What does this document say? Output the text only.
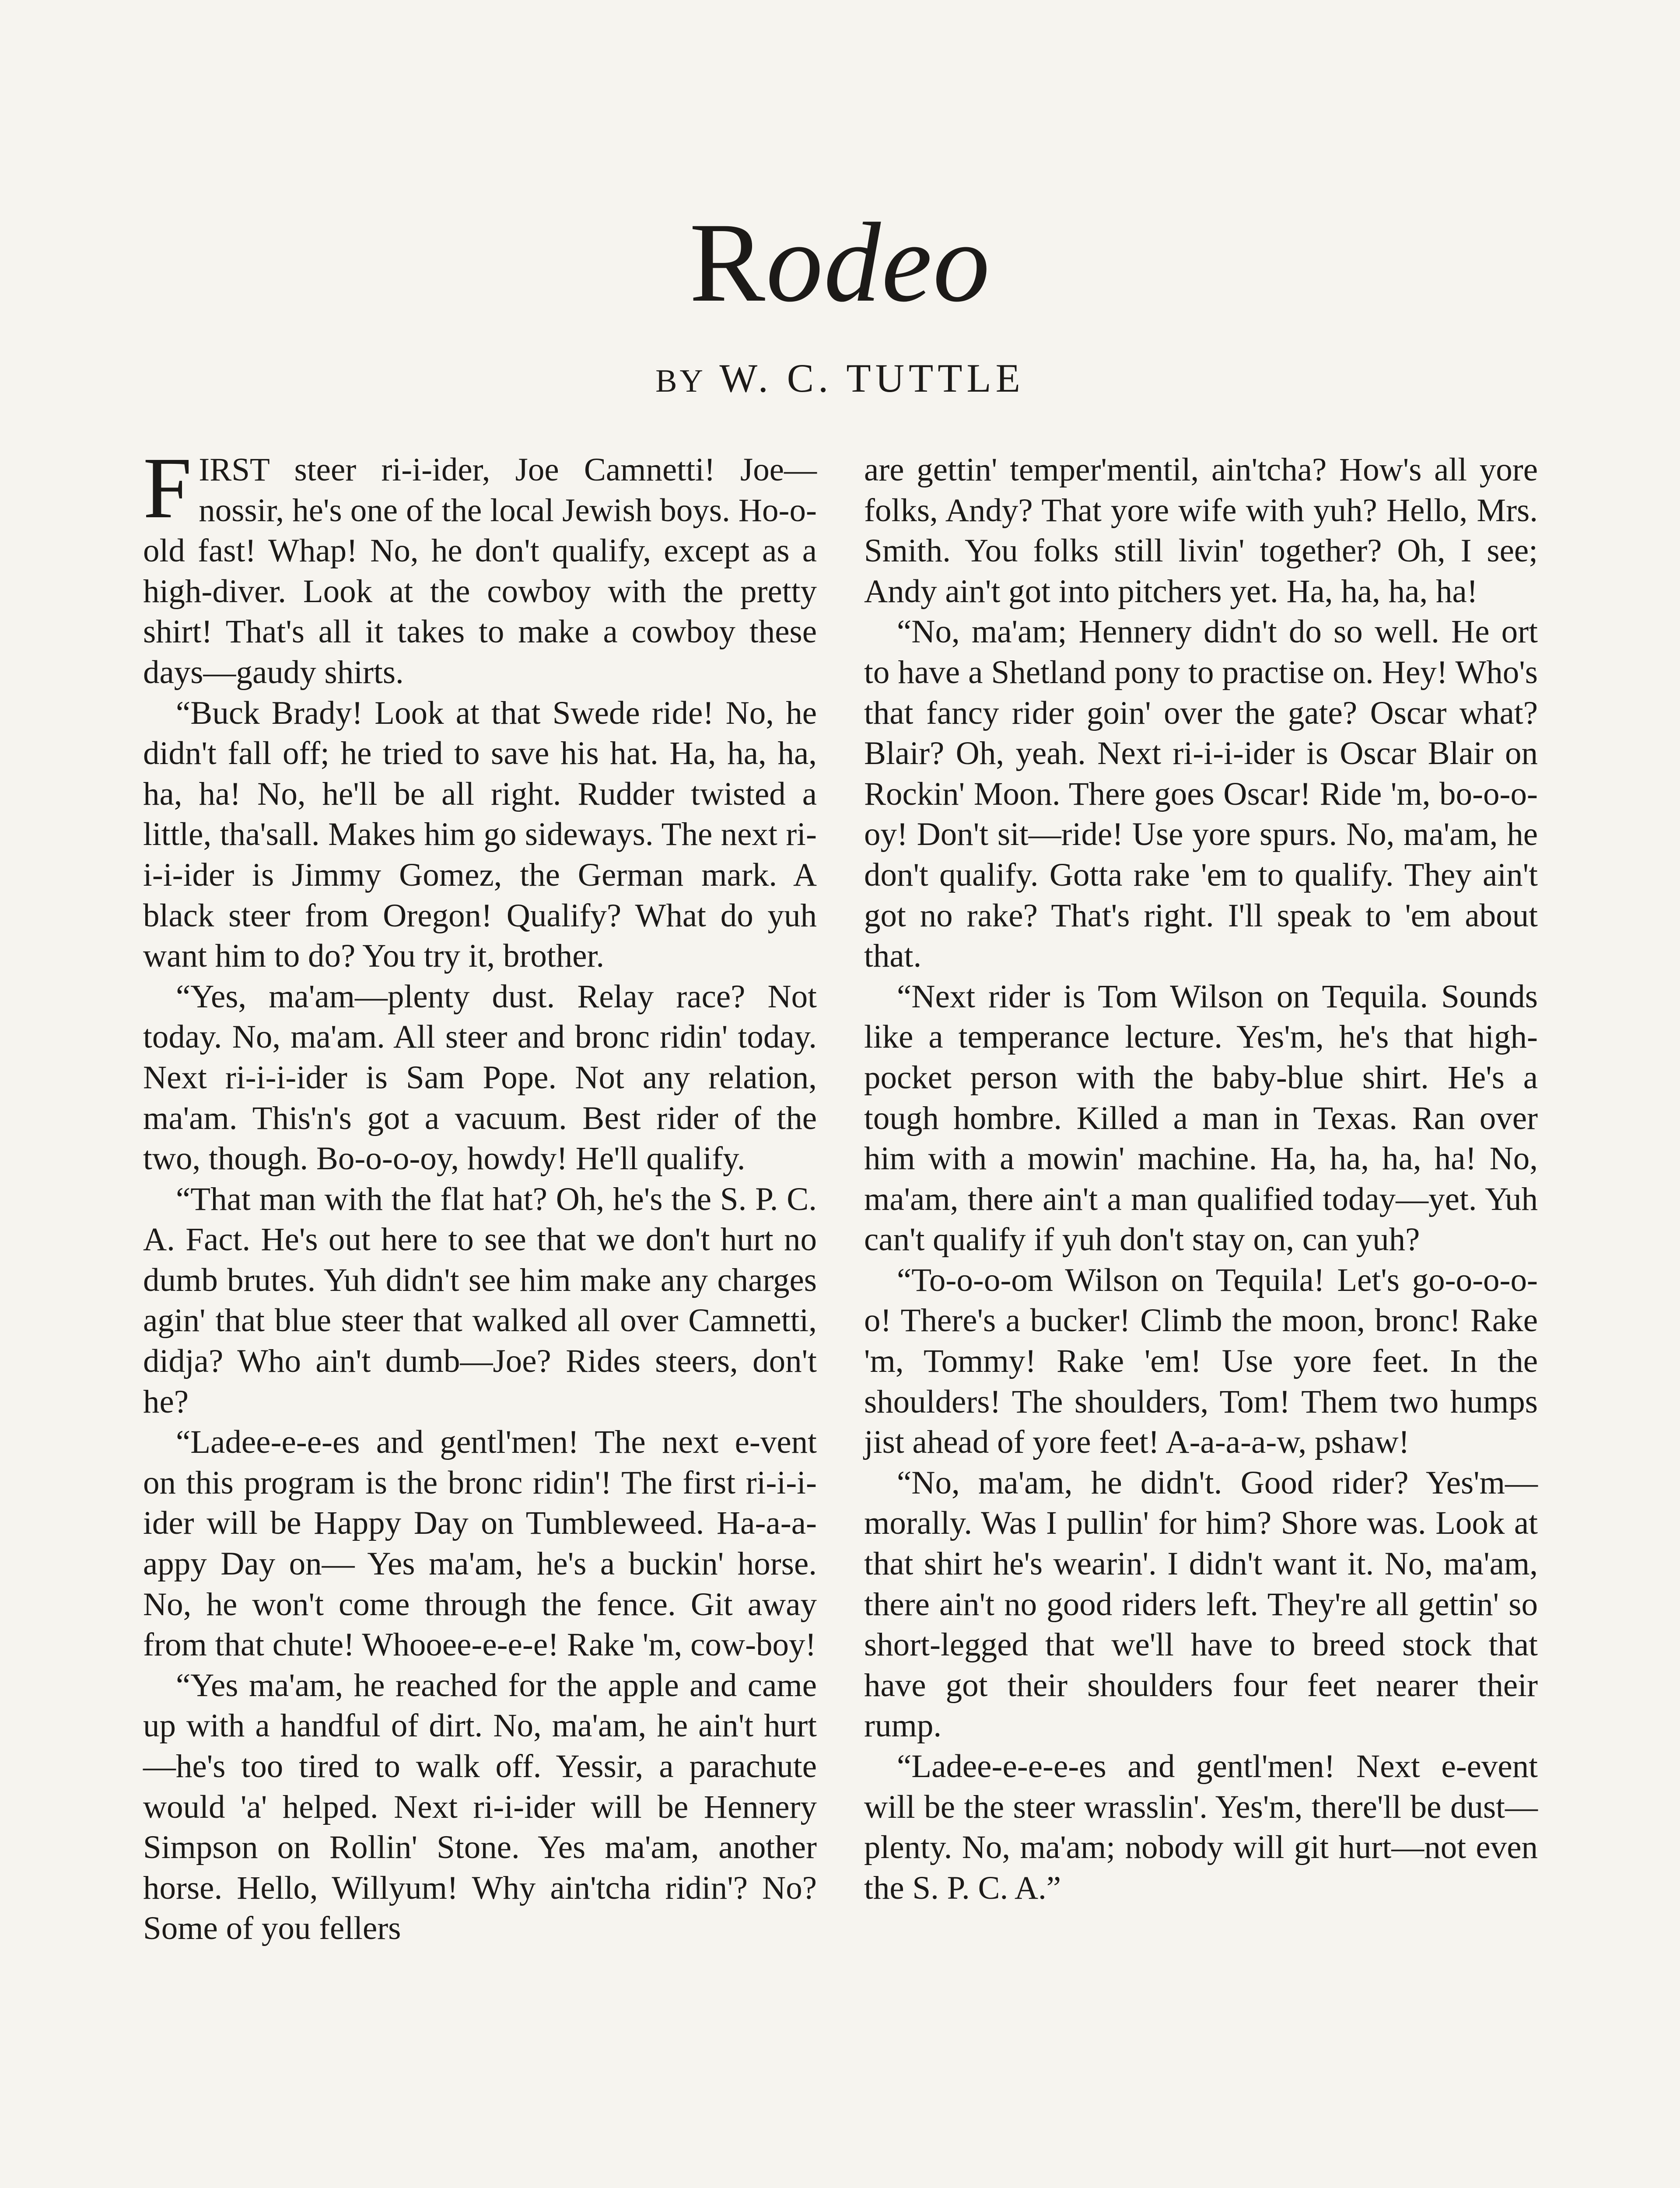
Rodeo
BY W. C. TUTTLE

FIRST steer ri-i-ider, Joe Camnetti! Joe—nossir, he's one of the local Jewish boys. Ho-o-old fast! Whap! No, he don't qualify, except as a high-diver. Look at the cowboy with the pretty shirt! That's all it takes to make a cowboy these days—gaudy shirts.

“Buck Brady! Look at that Swede ride! No, he didn't fall off; he tried to save his hat. Ha, ha, ha, ha, ha! No, he'll be all right. Rudder twisted a little, tha'sall. Makes him go sideways. The next ri-i-i-ider is Jimmy Gomez, the German mark. A black steer from Oregon! Qualify? What do yuh want him to do? You try it, brother.

“Yes, ma'am—plenty dust. Relay race? Not today. No, ma'am. All steer and bronc ridin' today. Next ri-i-i-ider is Sam Pope. Not any relation, ma'am. This'n's got a vacuum. Best rider of the two, though. Bo-o-o-oy, howdy! He'll qualify.

“That man with the flat hat? Oh, he's the S. P. C. A. Fact. He's out here to see that we don't hurt no dumb brutes. Yuh didn't see him make any charges agin' that blue steer that walked all over Camnetti, didja? Who ain't dumb—Joe? Rides steers, don't he?

“Ladee-e-e-es and gentl'men! The next e-vent on this program is the bronc ridin'! The first ri-i-i-ider will be Happy Day on Tumbleweed. Ha-a-a-appy Day on— Yes ma'am, he's a buckin' horse. No, he won't come through the fence. Git away from that chute! Whooee-e-e-e! Rake 'm, cow-boy!

“Yes ma'am, he reached for the apple and came up with a handful of dirt. No, ma'am, he ain't hurt—he's too tired to walk off. Yessir, a parachute would 'a' helped. Next ri-i-ider will be Hennery Simpson on Rollin' Stone. Yes ma'am, another horse. Hello, Willyum! Why ain'tcha ridin'? No? Some of you fellers

are gettin' temper'mentil, ain'tcha? How's all yore folks, Andy? That yore wife with yuh? Hello, Mrs. Smith. You folks still livin' together? Oh, I see; Andy ain't got into pitchers yet. Ha, ha, ha, ha!

“No, ma'am; Hennery didn't do so well. He ort to have a Shetland pony to practise on. Hey! Who's that fancy rider goin' over the gate? Oscar what? Blair? Oh, yeah. Next ri-i-i-ider is Oscar Blair on Rockin' Moon. There goes Oscar! Ride 'm, bo-o-o-oy! Don't sit—ride! Use yore spurs. No, ma'am, he don't qualify. Gotta rake 'em to qualify. They ain't got no rake? That's right. I'll speak to 'em about that.

“Next rider is Tom Wilson on Tequila. Sounds like a temperance lecture. Yes'm, he's that high-pocket person with the baby-blue shirt. He's a tough hombre. Killed a man in Texas. Ran over him with a mowin' machine. Ha, ha, ha, ha! No, ma'am, there ain't a man qualified today—yet. Yuh can't qualify if yuh don't stay on, can yuh?

“To-o-o-om Wilson on Tequila! Let's go-o-o-o-o! There's a bucker! Climb the moon, bronc! Rake 'm, Tommy! Rake 'em! Use yore feet. In the shoulders! The shoulders, Tom! Them two humps jist ahead of yore feet! A-a-a-a-w, pshaw!

“No, ma'am, he didn't. Good rider? Yes'm—morally. Was I pullin' for him? Shore was. Look at that shirt he's wearin'. I didn't want it. No, ma'am, there ain't no good riders left. They're all gettin' so short-legged that we'll have to breed stock that have got their shoulders four feet nearer their rump.

“Ladee-e-e-e-es and gentl'men! Next e-event will be the steer wrasslin'. Yes'm, there'll be dust—plenty. No, ma'am; nobody will git hurt—not even the S. P. C. A.”
